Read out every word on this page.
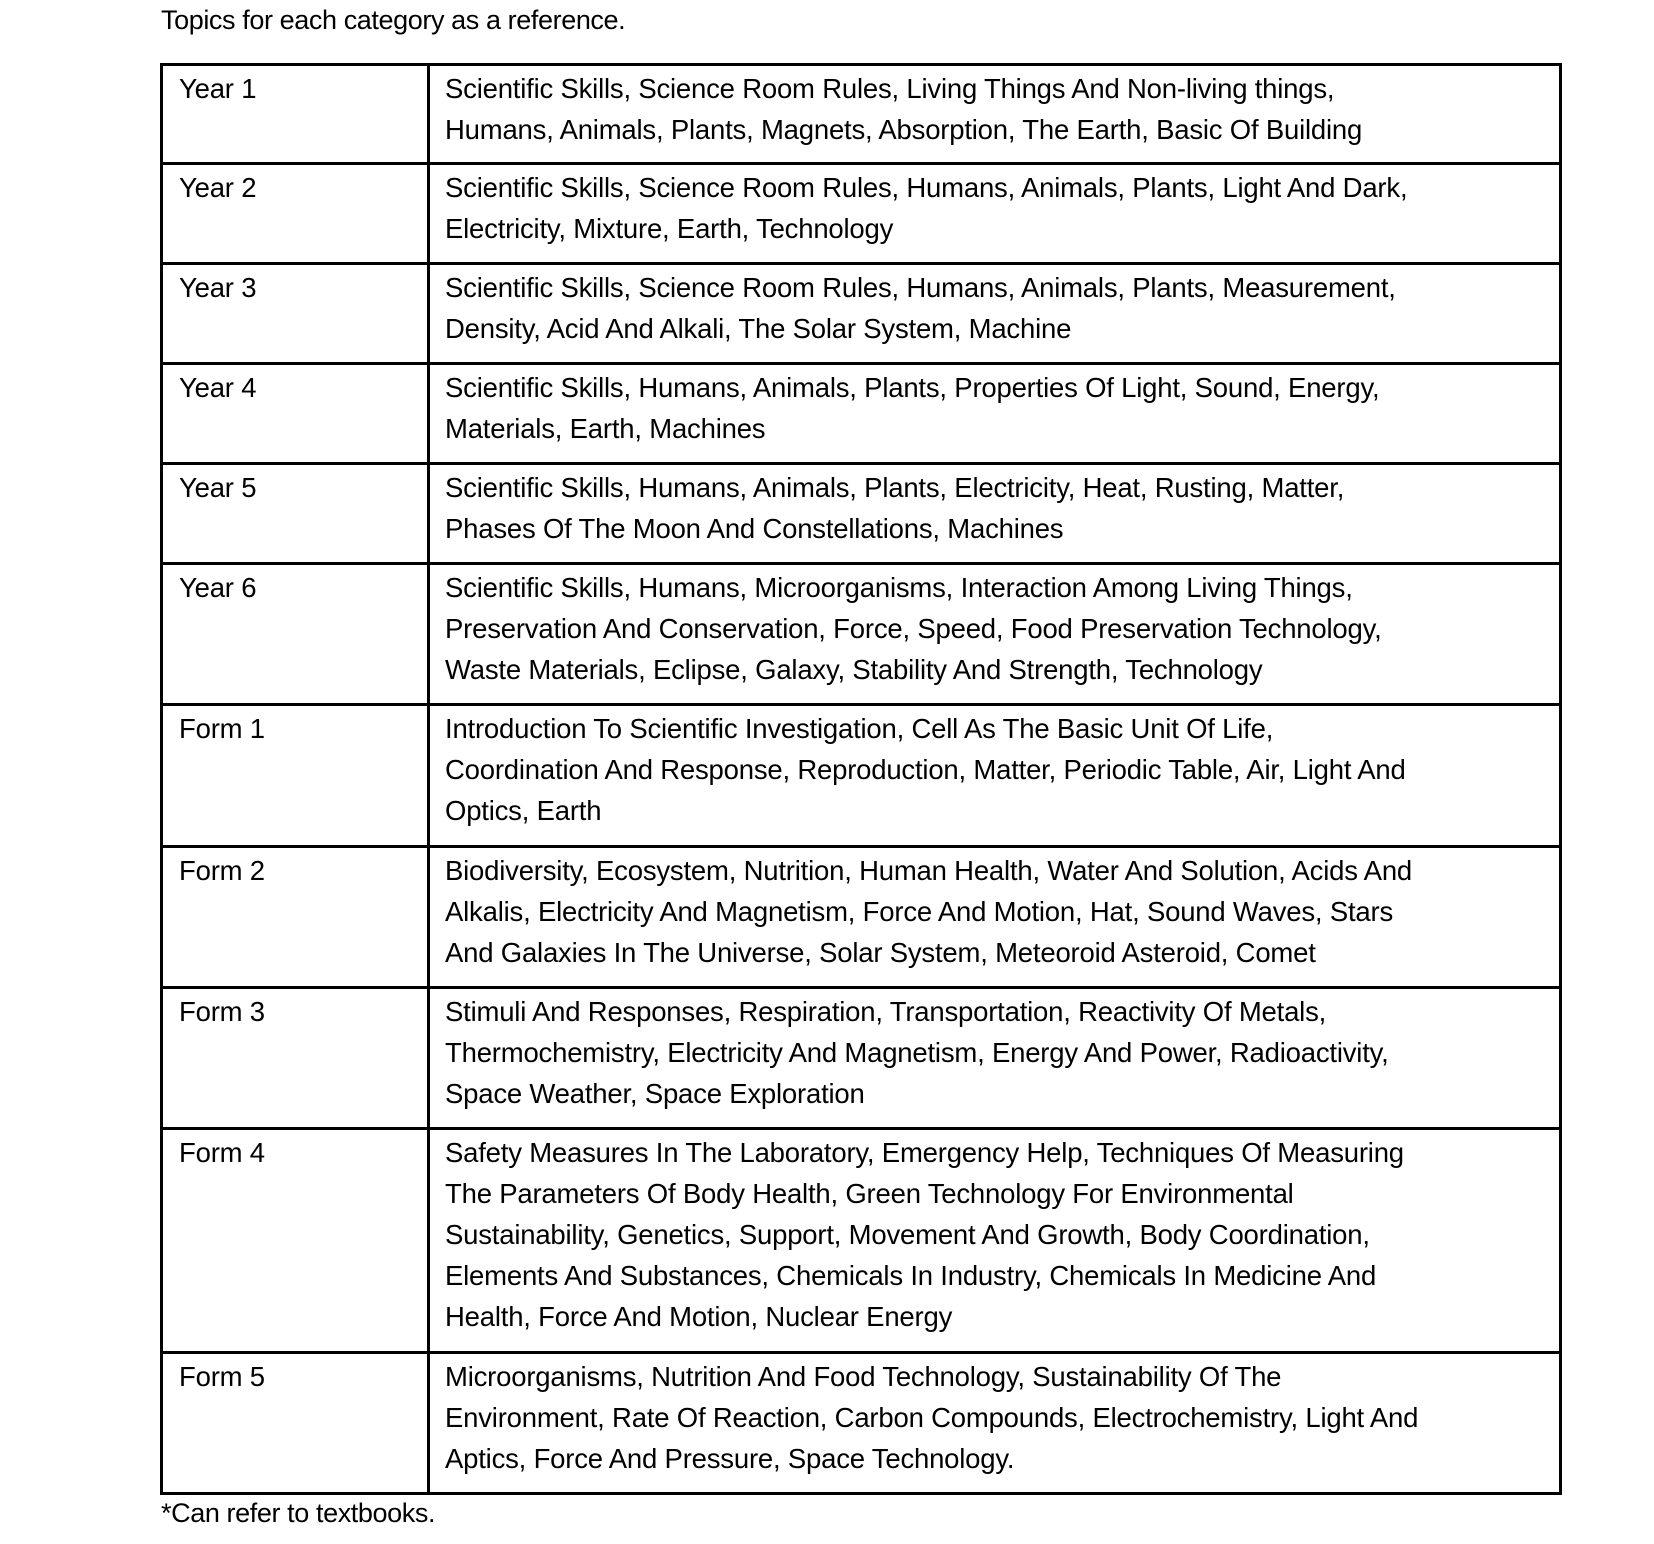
Topics for each category as a reference.

Year 1	Scientific Skills, Science Room Rules, Living Things And Non-living things,
Humans, Animals, Plants, Magnets, Absorption, The Earth, Basic Of Building

Year 2	Scientific Skills, Science Room Rules, Humans, Animals, Plants, Light And Dark,
Electricity, Mixture, Earth, Technology

Year 3	Scientific Skills, Science Room Rules, Humans, Animals, Plants, Measurement,
Density, Acid And Alkali, The Solar System, Machine

Year 4	Scientific Skills, Humans, Animals, Plants, Properties Of Light, Sound, Energy,
Materials, Earth, Machines

Year 5	Scientific Skills, Humans, Animals, Plants, Electricity, Heat, Rusting, Matter,
Phases Of The Moon And Constellations, Machines

Year 6	Scientific Skills, Humans, Microorganisms, Interaction Among Living Things,
Preservation And Conservation, Force, Speed, Food Preservation Technology,
Waste Materials, Eclipse, Galaxy, Stability And Strength, Technology

Form 1	Introduction To Scientific Investigation, Cell As The Basic Unit Of Life,
Coordination And Response, Reproduction, Matter, Periodic Table, Air, Light And
Optics, Earth

Form 2	Biodiversity, Ecosystem, Nutrition, Human Health, Water And Solution, Acids And
Alkalis, Electricity And Magnetism, Force And Motion, Hat, Sound Waves, Stars
And Galaxies In The Universe, Solar System, Meteoroid Asteroid, Comet

Form 3	Stimuli And Responses, Respiration, Transportation, Reactivity Of Metals,
Thermochemistry, Electricity And Magnetism, Energy And Power, Radioactivity,
Space Weather, Space Exploration

Form 4	Safety Measures In The Laboratory, Emergency Help, Techniques Of Measuring
The Parameters Of Body Health, Green Technology For Environmental
Sustainability, Genetics, Support, Movement And Growth, Body Coordination,
Elements And Substances, Chemicals In Industry, Chemicals In Medicine And
Health, Force And Motion, Nuclear Energy

Form 5	Microorganisms, Nutrition And Food Technology, Sustainability Of The
Environment, Rate Of Reaction, Carbon Compounds, Electrochemistry, Light And
Aptics, Force And Pressure, Space Technology.

*Can refer to textbooks.
